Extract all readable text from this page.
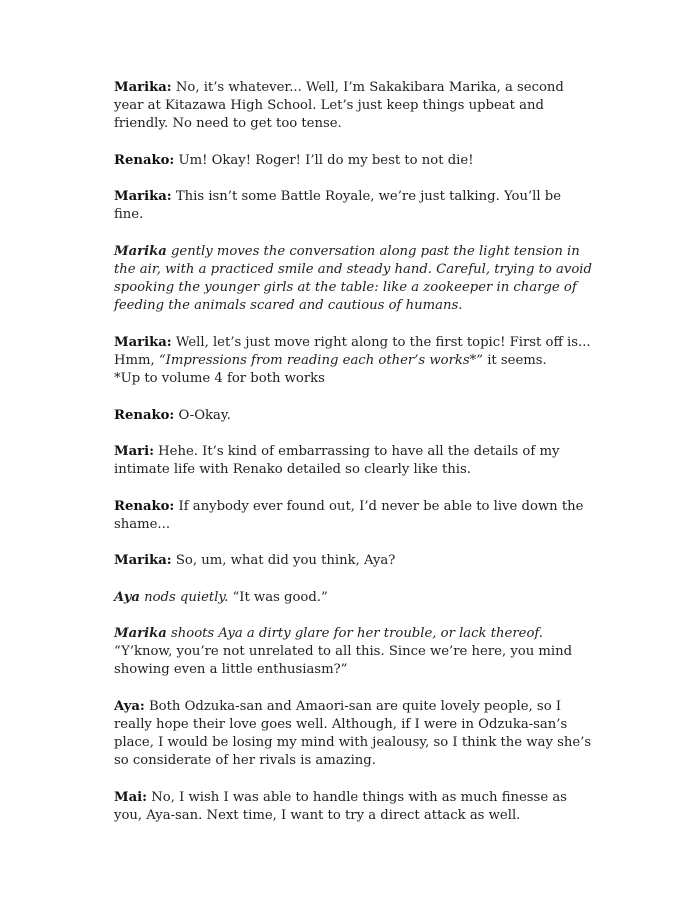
Marika: No, it’s whatever... Well, I’m Sakakibara Marika, a second year at Kitazawa High School. Let’s just keep things upbeat and friendly. No need to get too tense.

Renako: Um! Okay! Roger! I’ll do my best to not die!

Marika: This isn’t some Battle Royale, we’re just talking. You’ll be fine.

Marika gently moves the conversation along past the light tension in the air, with a practiced smile and steady hand. Careful, trying to avoid spooking the younger girls at the table: like a zookeeper in charge of feeding the animals scared and cautious of humans.

Marika: Well, let’s just move right along to the first topic! First off is... Hmm, “Impressions from reading each other’s works*” it seems.
*Up to volume 4 for both works

Renako: O-Okay.

Mari: Hehe. It’s kind of embarrassing to have all the details of my intimate life with Renako detailed so clearly like this.

Renako: If anybody ever found out, I’d never be able to live down the shame...

Marika: So, um, what did you think, Aya?

Aya nods quietly. “It was good.”

Marika shoots Aya a dirty glare for her trouble, or lack thereof. “Y’know, you’re not unrelated to all this. Since we’re here, you mind showing even a little enthusiasm?”

Aya: Both Odzuka-san and Amaori-san are quite lovely people, so I really hope their love goes well. Although, if I were in Odzuka-san’s place, I would be losing my mind with jealousy, so I think the way she’s so considerate of her rivals is amazing.

Mai: No, I wish I was able to handle things with as much finesse as you, Aya-san. Next time, I want to try a direct attack as well.
